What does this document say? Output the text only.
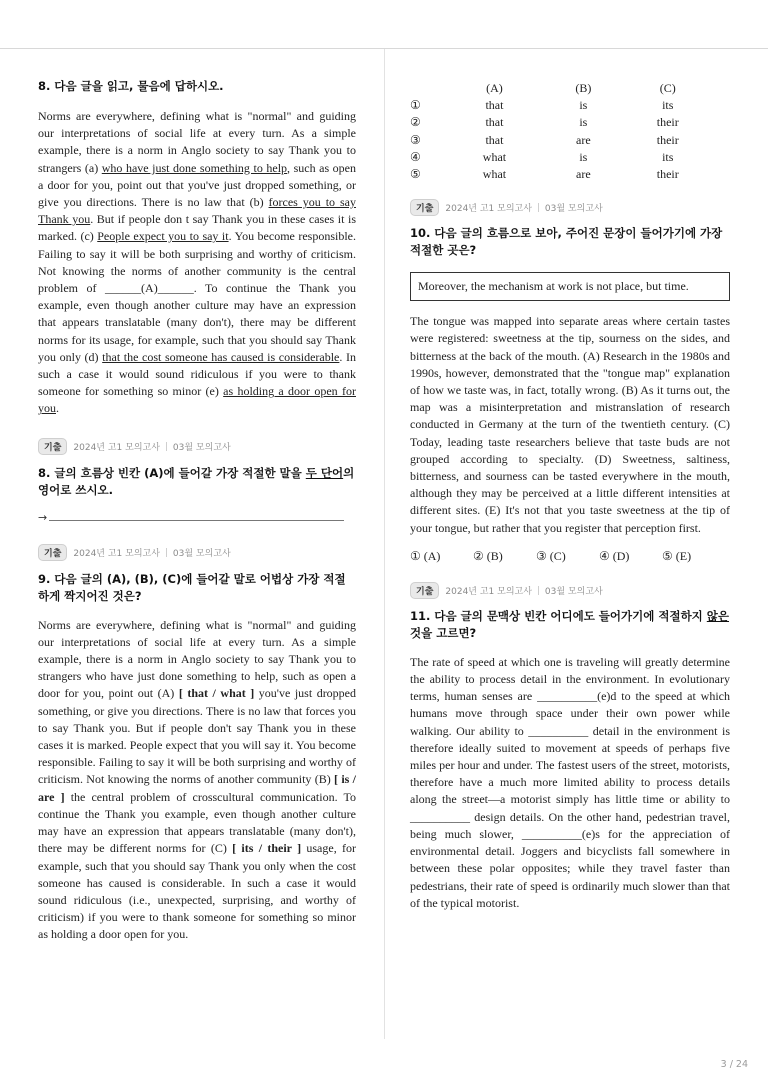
8. 다음 글을 읽고, 물음에 답하시오.

Norms are everywhere, defining what is "normal" and guiding our interpretations of social life at every turn. As a simple example, there is a norm in Anglo society to say Thank you to strangers (a) who have just done something to help, such as open a door for you, point out that you've just dropped something, or give you directions. There is no law that (b) forces you to say Thank you. But if people don t say Thank you in these cases it is marked. (c) People expect you to say it. You become responsible. Failing to say it will be both surprising and worthy of criticism. Not knowing the norms of another community is the central problem of ______(A)______. To continue the Thank you example, even though another culture may have an expression that appears translatable (many don't), there may be different norms for its usage, for example, such that you should say Thank you only (d) that the cost someone has caused is considerable. In such a case it would sound ridiculous if you were to thank someone for something so minor (e) as holding a door open for you.

기출	2024년 고1 모의고사 03월 모의고사

8. 글의 흐름상 빈칸 (A)에 들어갈 가장 적절한 말을 두 단어의 영어로 쓰시오.

→
기출	2024년 고1 모의고사 03월 모의고사

9. 다음 글의 (A), (B), (C)에 들어갈 말로 어법상 가장 적절하게 짝지어진 것은?

Norms are everywhere, defining what is "normal" and guiding our interpretations of social life at every turn. As a simple example, there is a norm in Anglo society to say Thank you to strangers who have just done something to help, such as open a door for you, point out (A) [ that / what ] you've just dropped something, or give you directions. There is no law that forces you to say Thank you. But if people don't say Thank you in these cases it is marked. People expect that you will say it. You become responsible. Failing to say it will be both surprising and worthy of criticism. Not knowing the norms of another community (B) [ is / are ] the central problem of crosscultural communication. To continue the Thank you example, even though another culture may have an expression that appears translatable (many don't), there may be different norms for (C) [ its / their ] usage, for example, such that you should say Thank you only when the cost someone has caused is considerable. In such a case it would sound ridiculous (i.e., unexpected, surprising, and worthy of criticism) if you were to thank someone for something so minor as holding a door open for you.

(A)	(B)	(C)
①	that	is	its
②	that	is	their
③	that	are	their
④	what	is	its
⑤	what	are	their
기출	2024년 고1 모의고사 03월 모의고사

10. 다음 글의 흐름으로 보아, 주어진 문장이 들어가기에 가장 적절한 곳은?

Moreover, the mechanism at work is not place, but time.

The tongue was mapped into separate areas where certain tastes were registered: sweetness at the tip, sourness on the sides, and bitterness at the back of the mouth. (A) Research in the 1980s and 1990s, however, demonstrated that the "tongue map" explanation of how we taste was, in fact, totally wrong. (B) As it turns out, the map was a misinterpretation and mistranslation of research conducted in Germany at the turn of the twentieth century. (C) Today, leading taste researchers believe that taste buds are not grouped according to specialty. (D) Sweetness, saltiness, bitterness, and sourness can be tasted everywhere in the mouth, although they may be perceived at a little different intensities at different sites. (E) It's not that you taste sweetness at the tip of your tongue, but rather that you register that perception first.

① (A)	② (B)	③ (C)	④ (D)	⑤ (E)
기출	2024년 고1 모의고사 03월 모의고사

11. 다음 글의 문맥상 빈칸 어디에도 들어가기에 적절하지 않은 것을 고르면?

The rate of speed at which one is traveling will greatly determine the ability to process detail in the environment. In evolutionary terms, human senses are __________(e)d to the speed at which humans move through space under their own power while walking. Our ability to __________ detail in the environment is therefore ideally suited to movement at speeds of perhaps five miles per hour and under. The fastest users of the street, motorists, therefore have a much more limited ability to process details along the street—a motorist simply has little time or ability to __________ design details. On the other hand, pedestrian travel, being much slower, __________(e)s for the appreciation of environmental detail. Joggers and bicyclists fall somewhere in between these polar opposites; while they travel faster than pedestrians, their rate of speed is ordinarily much slower than that of the typical motorist.

3 / 24
